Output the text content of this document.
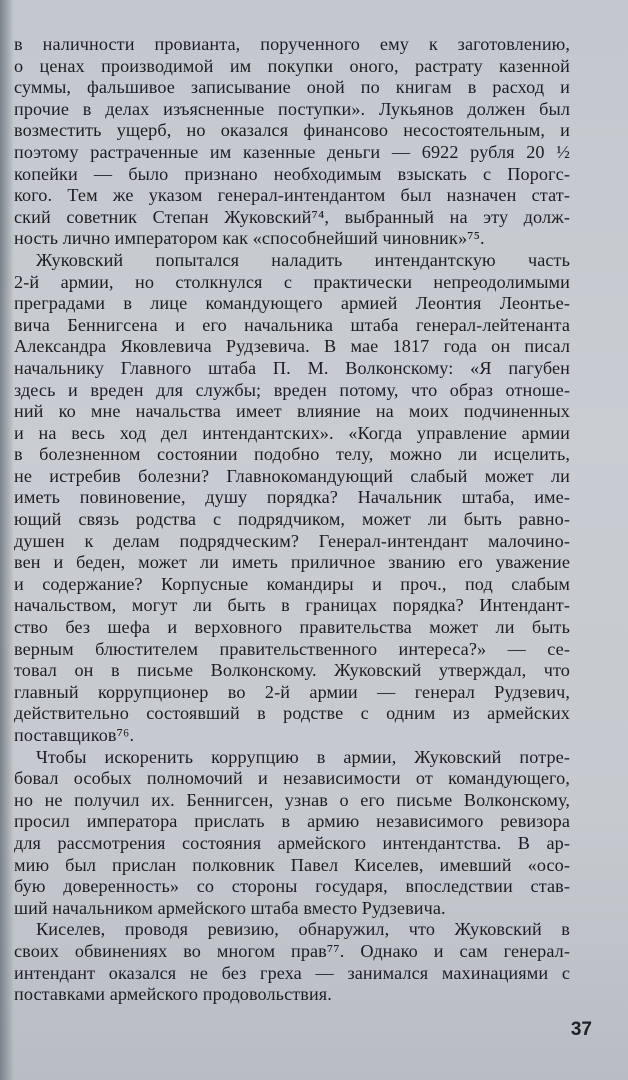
в наличности провианта, порученного ему к заготовлению,
о ценах производимой им покупки оного, растрату казенной
суммы, фальшивое записывание оной по книгам в расход и
прочие в делах изъясненные поступки». Лукьянов должен был
возместить ущерб, но оказался финансово несостоятельным, и
поэтому растраченные им казенные деньги — 6922 рубля 20 ½
копейки — было признано необходимым взыскать с Порогс-
кого. Тем же указом генерал-интендантом был назначен стат-
ский советник Степан Жуковский⁷⁴, выбранный на эту долж-
ность лично императором как «способнейший чиновник»⁷⁵.
Жуковский попытался наладить интендантскую часть
2-й армии, но столкнулся с практически непреодолимыми
преградами в лице командующего армией Леонтия Леонтье-
вича Беннигсена и его начальника штаба генерал-лейтенанта
Александра Яковлевича Рудзевича. В мае 1817 года он писал
начальнику Главного штаба П. М. Волконскому: «Я пагубен
здесь и вреден для службы; вреден потому, что образ отноше-
ний ко мне начальства имеет влияние на моих подчиненных
и на весь ход дел интендантских». «Когда управление армии
в болезненном состоянии подобно телу, можно ли исцелить,
не истребив болезни? Главнокомандующий слабый может ли
иметь повиновение, душу порядка? Начальник штаба, име-
ющий связь родства с подрядчиком, может ли быть равно-
душен к делам подрядческим? Генерал-интендант малочино-
вен и беден, может ли иметь приличное званию его уважение
и содержание? Корпусные командиры и проч., под слабым
начальством, могут ли быть в границах порядка? Интендант-
ство без шефа и верховного правительства может ли быть
верным блюстителем правительственного интереса?» — се-
товал он в письме Волконскому. Жуковский утверждал, что
главный коррупционер во 2-й армии — генерал Рудзевич,
действительно состоявший в родстве с одним из армейских
поставщиков⁷⁶.
Чтобы искоренить коррупцию в армии, Жуковский потре-
бовал особых полномочий и независимости от командующего,
но не получил их. Беннигсен, узнав о его письме Волконскому,
просил императора прислать в армию независимого ревизора
для рассмотрения состояния армейского интендантства. В ар-
мию был прислан полковник Павел Киселев, имевший «осо-
бую доверенность» со стороны государя, впоследствии став-
ший начальником армейского штаба вместо Рудзевича.
Киселев, проводя ревизию, обнаружил, что Жуковский в
своих обвинениях во многом прав⁷⁷. Однако и сам генерал-
интендант оказался не без греха — занимался махинациями с
поставками армейского продовольствия.
37
